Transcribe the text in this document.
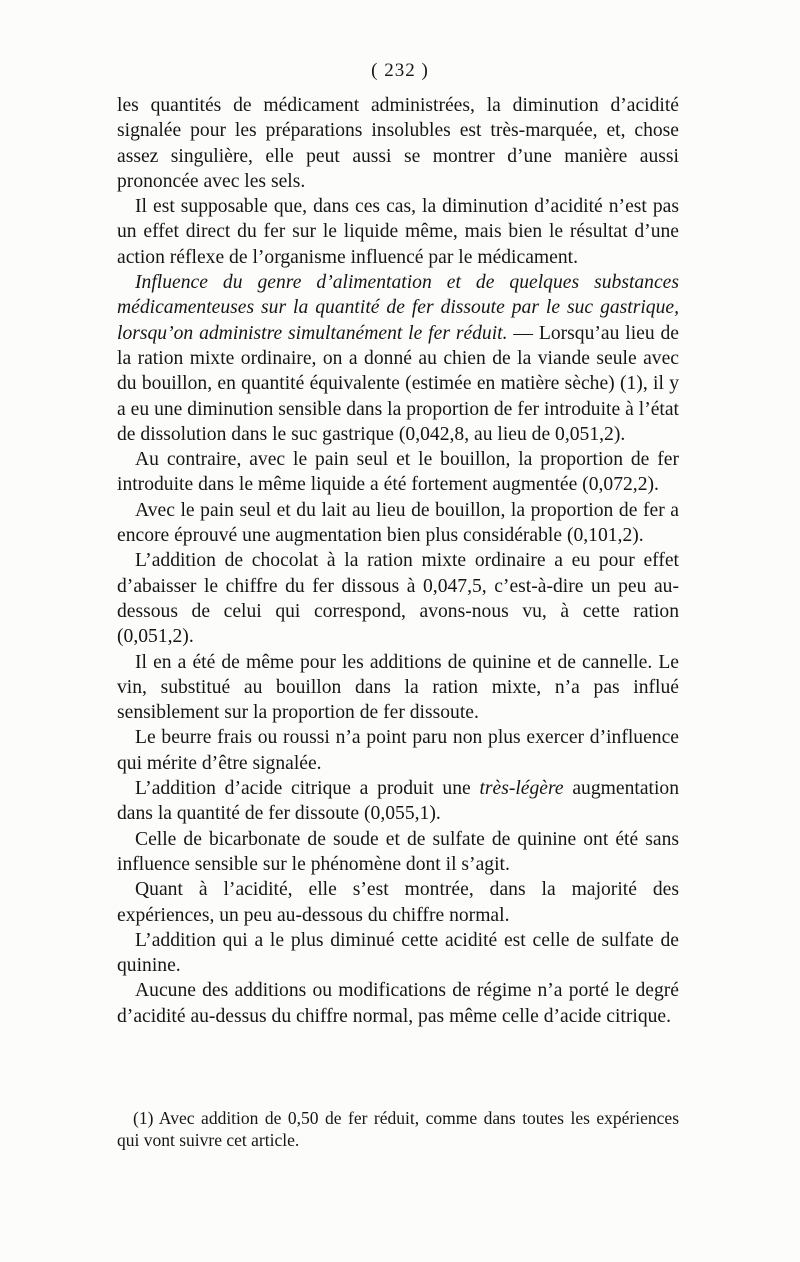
( 232 )

les quantités de médicament administrées, la diminution d’acidité signalée pour les préparations insolubles est très-marquée, et, chose assez singulière, elle peut aussi se montrer d’une manière aussi prononcée avec les sels.

Il est supposable que, dans ces cas, la diminution d’acidité n’est pas un effet direct du fer sur le liquide même, mais bien le résultat d’une action réflexe de l’organisme influencé par le médicament.

Influence du genre d’alimentation et de quelques substances médicamenteuses sur la quantité de fer dissoute par le suc gastrique, lorsqu’on administre simultanément le fer réduit. — Lorsqu’au lieu de la ration mixte ordinaire, on a donné au chien de la viande seule avec du bouillon, en quantité équivalente (estimée en matière sèche) (1), il y a eu une diminution sensible dans la proportion de fer introduite à l’état de dissolution dans le suc gastrique (0,042,8, au lieu de 0,051,2).

Au contraire, avec le pain seul et le bouillon, la proportion de fer introduite dans le même liquide a été fortement augmentée (0,072,2).

Avec le pain seul et du lait au lieu de bouillon, la proportion de fer a encore éprouvé une augmentation bien plus considérable (0,101,2).

L’addition de chocolat à la ration mixte ordinaire a eu pour effet d’abaisser le chiffre du fer dissous à 0,047,5, c’est-à-dire un peu au-dessous de celui qui correspond, avons-nous vu, à cette ration (0,051,2).

Il en a été de même pour les additions de quinine et de cannelle. Le vin, substitué au bouillon dans la ration mixte, n’a pas influé sensiblement sur la proportion de fer dissoute.

Le beurre frais ou roussi n’a point paru non plus exercer d’influence qui mérite d’être signalée.

L’addition d’acide citrique a produit une très-légère augmentation dans la quantité de fer dissoute (0,055,1).

Celle de bicarbonate de soude et de sulfate de quinine ont été sans influence sensible sur le phénomène dont il s’agit.

Quant à l’acidité, elle s’est montrée, dans la majorité des expériences, un peu au-dessous du chiffre normal.

L’addition qui a le plus diminué cette acidité est celle de sulfate de quinine.

Aucune des additions ou modifications de régime n’a porté le degré d’acidité au-dessus du chiffre normal, pas même celle d’acide citrique.

(1) Avec addition de 0,50 de fer réduit, comme dans toutes les expériences qui vont suivre cet article.
